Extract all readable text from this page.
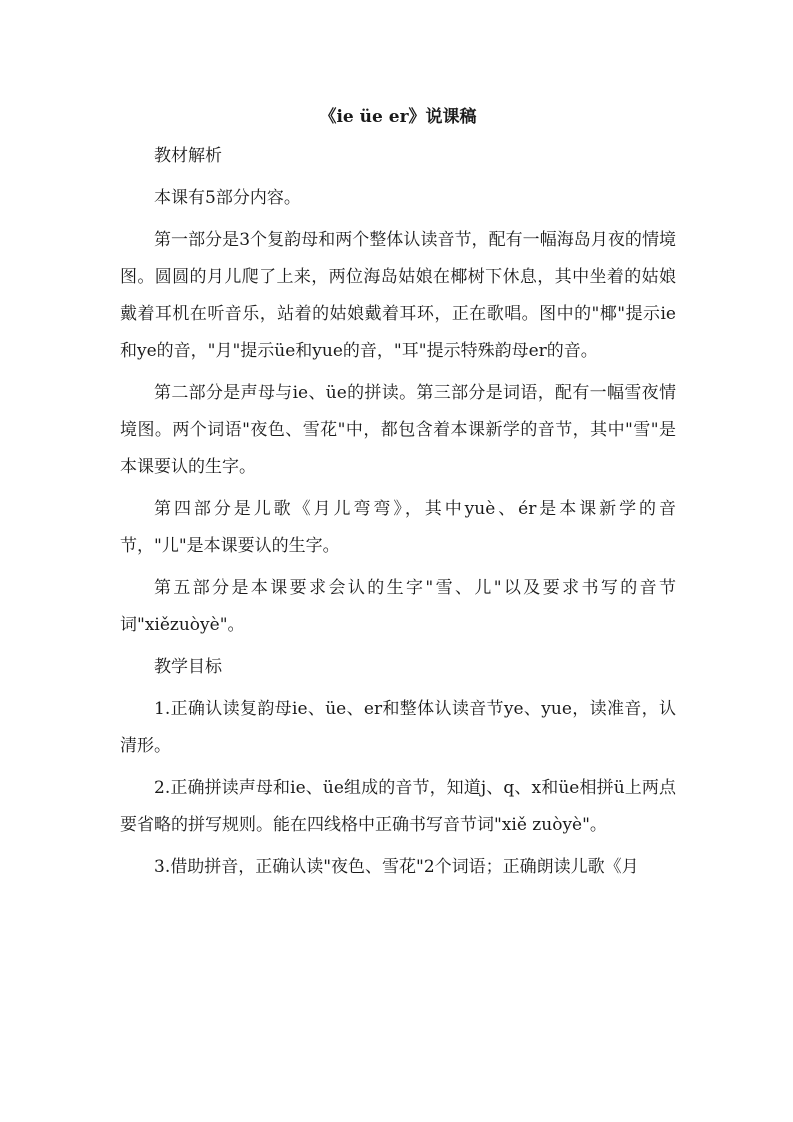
《ie üe er》说课稿
教材解析
本课有5部分内容。
第一部分是3个复韵母和两个整体认读音节，配有一幅海岛月夜的情境图。圆圆的月儿爬了上来，两位海岛姑娘在椰树下休息，其中坐着的姑娘戴着耳机在听音乐，站着的姑娘戴着耳环，正在歌唱。图中的"椰"提示ie和ye的音，"月"提示üe和yue的音，"耳"提示特殊韵母er的音。
第二部分是声母与ie、üe的拼读。第三部分是词语，配有一幅雪夜情境图。两个词语"夜色、雪花"中，都包含着本课新学的音节，其中"雪"是本课要认的生字。
第四部分是儿歌《月儿弯弯》，其中yuè、ér是本课新学的音节，"儿"是本课要认的生字。
第五部分是本课要求会认的生字"雪、儿"以及要求书写的音节词"xiězuòyè"。
教学目标
1.正确认读复韵母ie、üe、er和整体认读音节ye、yue，读准音，认清形。
2.正确拼读声母和ie、üe组成的音节，知道j、q、x和üe相拼ü上两点要省略的拼写规则。能在四线格中正确书写音节词"xiě zuòyè"。
3.借助拼音，正确认读"夜色、雪花"2个词语；正确朗读儿歌《月
